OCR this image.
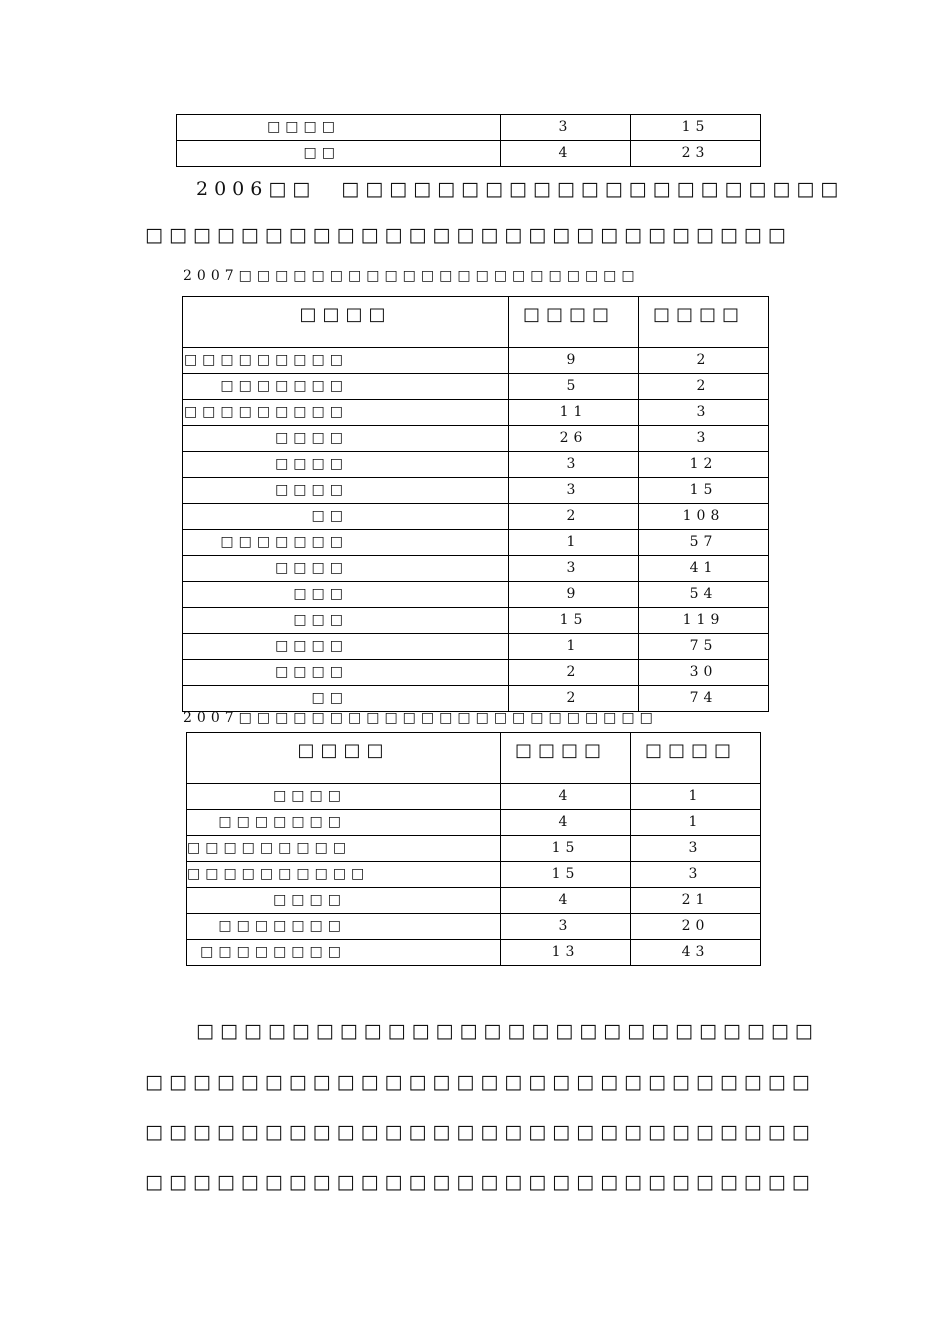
□□□□	3	15
□□	4	23
2006□□　□□□□□□□□□□□□□□□□□□□□□
□□□□□□□□□□□□□□□□□□□□□□□□□□□
2007□□□□□□□□□□□□□□□□□□□□□□
□□□□	□□□□	□□□□
□□□□□□□□□	9	2
□□□□□□□	5	2
□□□□□□□□□	11	3
□□□□	26	3
□□□□	3	12
□□□□	3	15
□□	2	108
□□□□□□□	1	57
□□□□	3	41
□□□	9	54
□□□	15	119
□□□□	1	75
□□□□	2	30
□□	2	74
2007□□□□□□□□□□□□□□□□□□□□□□□
□□□□	□□□□	□□□□
□□□□	4	1
□□□□□□□	4	1
□□□□□□□□□	15	3
□□□□□□□□□□	15	3
□□□□	4	21
□□□□□□□	3	20
□□□□□□□□	13	43
□□□□□□□□□□□□□□□□□□□□□□□□□□
□□□□□□□□□□□□□□□□□□□□□□□□□□□□
□□□□□□□□□□□□□□□□□□□□□□□□□□□□
□□□□□□□□□□□□□□□□□□□□□□□□□□□□
